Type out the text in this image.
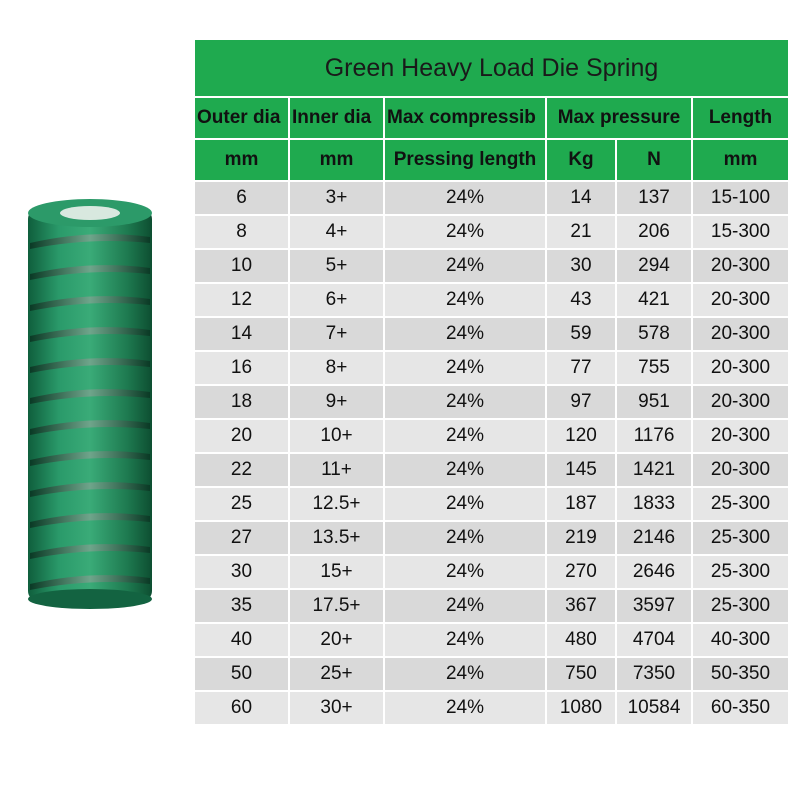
Green Heavy Load Die Spring					
Outer dia	Inner dia	Max compressib	Max pressure		Length
mm	mm	Pressing length	Kg	N	mm
6	3+	24%	14	137	15-100
8	4+	24%	21	206	15-300
10	5+	24%	30	294	20-300
12	6+	24%	43	421	20-300
14	7+	24%	59	578	20-300
16	8+	24%	77	755	20-300
18	9+	24%	97	951	20-300
20	10+	24%	120	1176	20-300
22	11+	24%	145	1421	20-300
25	12.5+	24%	187	1833	25-300
27	13.5+	24%	219	2146	25-300
30	15+	24%	270	2646	25-300
35	17.5+	24%	367	3597	25-300
40	20+	24%	480	4704	40-300
50	25+	24%	750	7350	50-350
60	30+	24%	1080	10584	60-350
